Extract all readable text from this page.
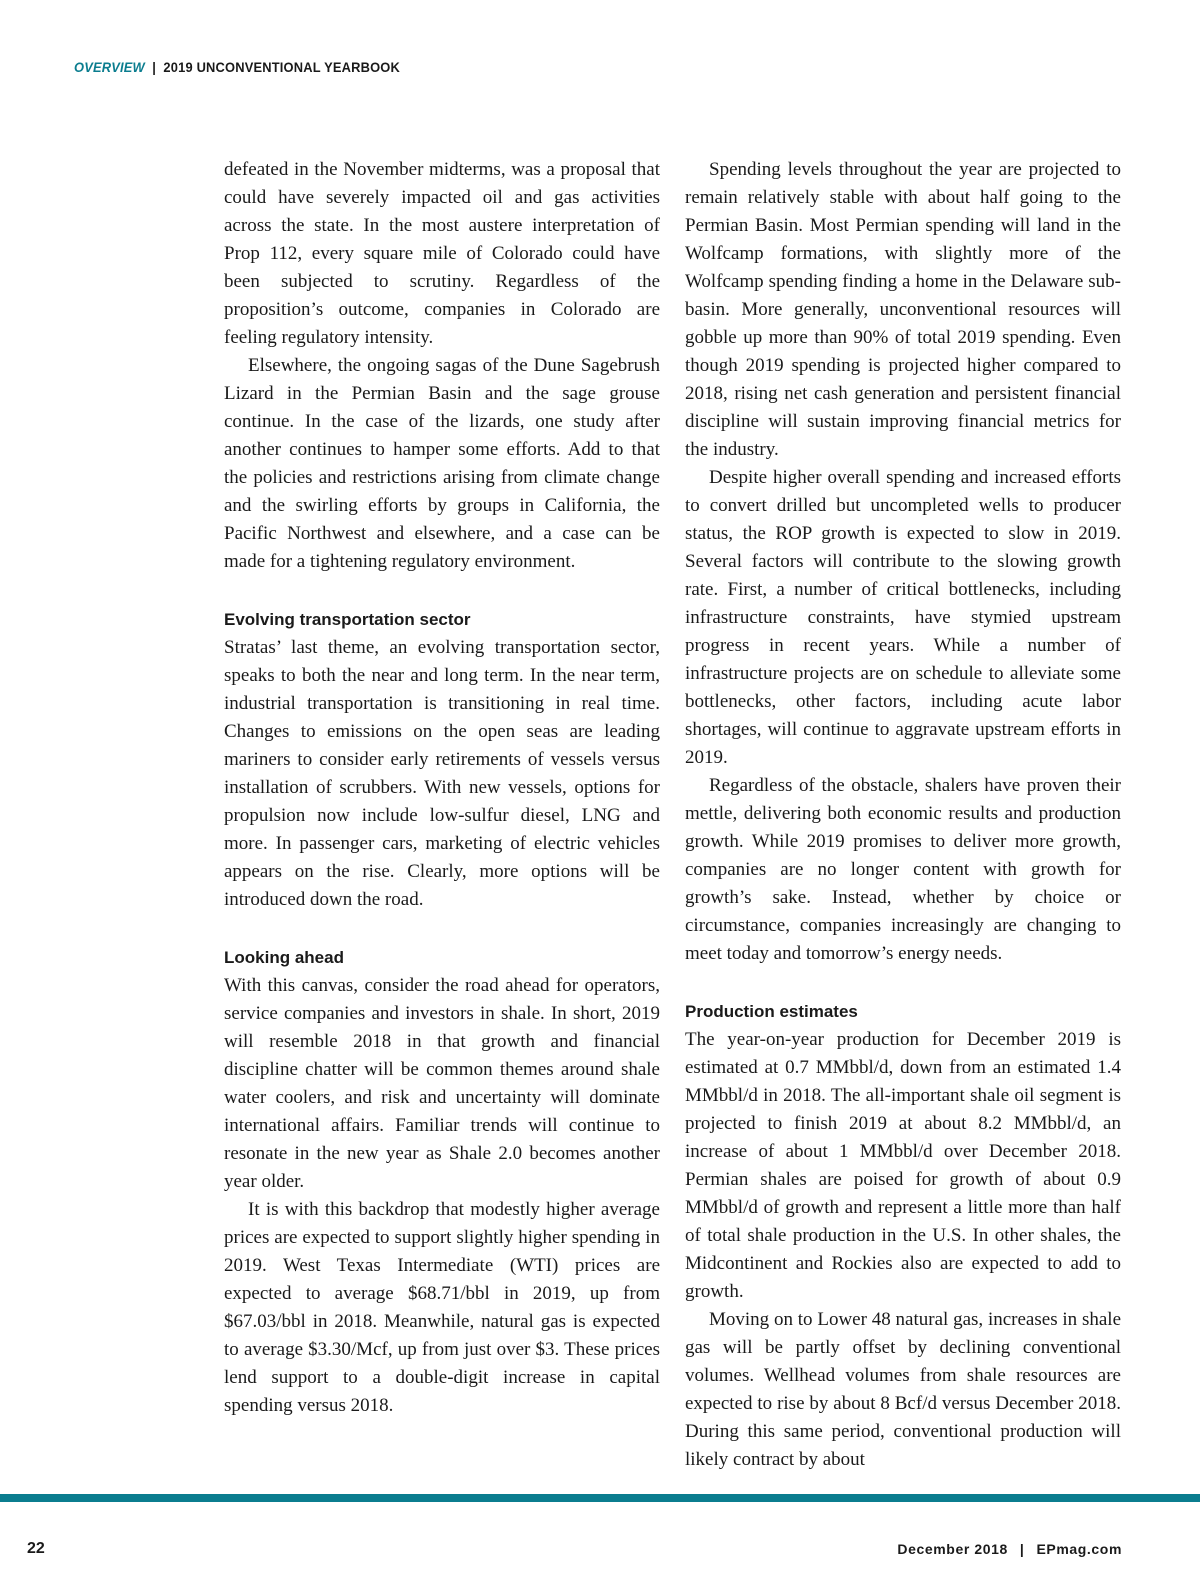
OVERVIEW | 2019 UNCONVENTIONAL YEARBOOK

defeated in the November midterms, was a proposal that could have severely impacted oil and gas activities across the state. In the most austere interpretation of Prop 112, every square mile of Colorado could have been subjected to scrutiny. Regardless of the proposition’s outcome, companies in Colorado are feeling regulatory intensity.

Elsewhere, the ongoing sagas of the Dune Sagebrush Lizard in the Permian Basin and the sage grouse continue. In the case of the lizards, one study after another continues to hamper some efforts. Add to that the policies and restrictions arising from climate change and the swirling efforts by groups in California, the Pacific Northwest and elsewhere, and a case can be made for a tightening regulatory environment.

Evolving transportation sector

Stratas’ last theme, an evolving transportation sector, speaks to both the near and long term. In the near term, industrial transportation is transitioning in real time. Changes to emissions on the open seas are leading mariners to consider early retirements of vessels versus installation of scrubbers. With new vessels, options for propulsion now include low-sulfur diesel, LNG and more. In passenger cars, marketing of electric vehicles appears on the rise. Clearly, more options will be introduced down the road.

Looking ahead

With this canvas, consider the road ahead for operators, service companies and investors in shale. In short, 2019 will resemble 2018 in that growth and financial discipline chatter will be common themes around shale water coolers, and risk and uncertainty will dominate international affairs. Familiar trends will continue to resonate in the new year as Shale 2.0 becomes another year older.

It is with this backdrop that modestly higher average prices are expected to support slightly higher spending in 2019. West Texas Intermediate (WTI) prices are expected to average $68.71/bbl in 2019, up from $67.03/bbl in 2018. Meanwhile, natural gas is expected to average $3.30/Mcf, up from just over $3. These prices lend support to a double-digit increase in capital spending versus 2018.

Spending levels throughout the year are projected to remain relatively stable with about half going to the Permian Basin. Most Permian spending will land in the Wolfcamp formations, with slightly more of the Wolfcamp spending finding a home in the Delaware sub-basin. More generally, unconventional resources will gobble up more than 90% of total 2019 spending. Even though 2019 spending is projected higher compared to 2018, rising net cash generation and persistent financial discipline will sustain improving financial metrics for the industry.

Despite higher overall spending and increased efforts to convert drilled but uncompleted wells to producer status, the ROP growth is expected to slow in 2019. Several factors will contribute to the slowing growth rate. First, a number of critical bottlenecks, including infrastructure constraints, have stymied upstream progress in recent years. While a number of infrastructure projects are on schedule to alleviate some bottlenecks, other factors, including acute labor shortages, will continue to aggravate upstream efforts in 2019.

Regardless of the obstacle, shalers have proven their mettle, delivering both economic results and production growth. While 2019 promises to deliver more growth, companies are no longer content with growth for growth’s sake. Instead, whether by choice or circumstance, companies increasingly are changing to meet today and tomorrow’s energy needs.

Production estimates

The year-on-year production for December 2019 is estimated at 0.7 MMbbl/d, down from an estimated 1.4 MMbbl/d in 2018. The all-important shale oil segment is projected to finish 2019 at about 8.2 MMbbl/d, an increase of about 1 MMbbl/d over December 2018. Permian shales are poised for growth of about 0.9 MMbbl/d of growth and represent a little more than half of total shale production in the U.S. In other shales, the Midcontinent and Rockies also are expected to add to growth.

Moving on to Lower 48 natural gas, increases in shale gas will be partly offset by declining conventional volumes. Wellhead volumes from shale resources are expected to rise by about 8 Bcf/d versus December 2018. During this same period, conventional production will likely contract by about

22	December 2018 | EPmag.com
